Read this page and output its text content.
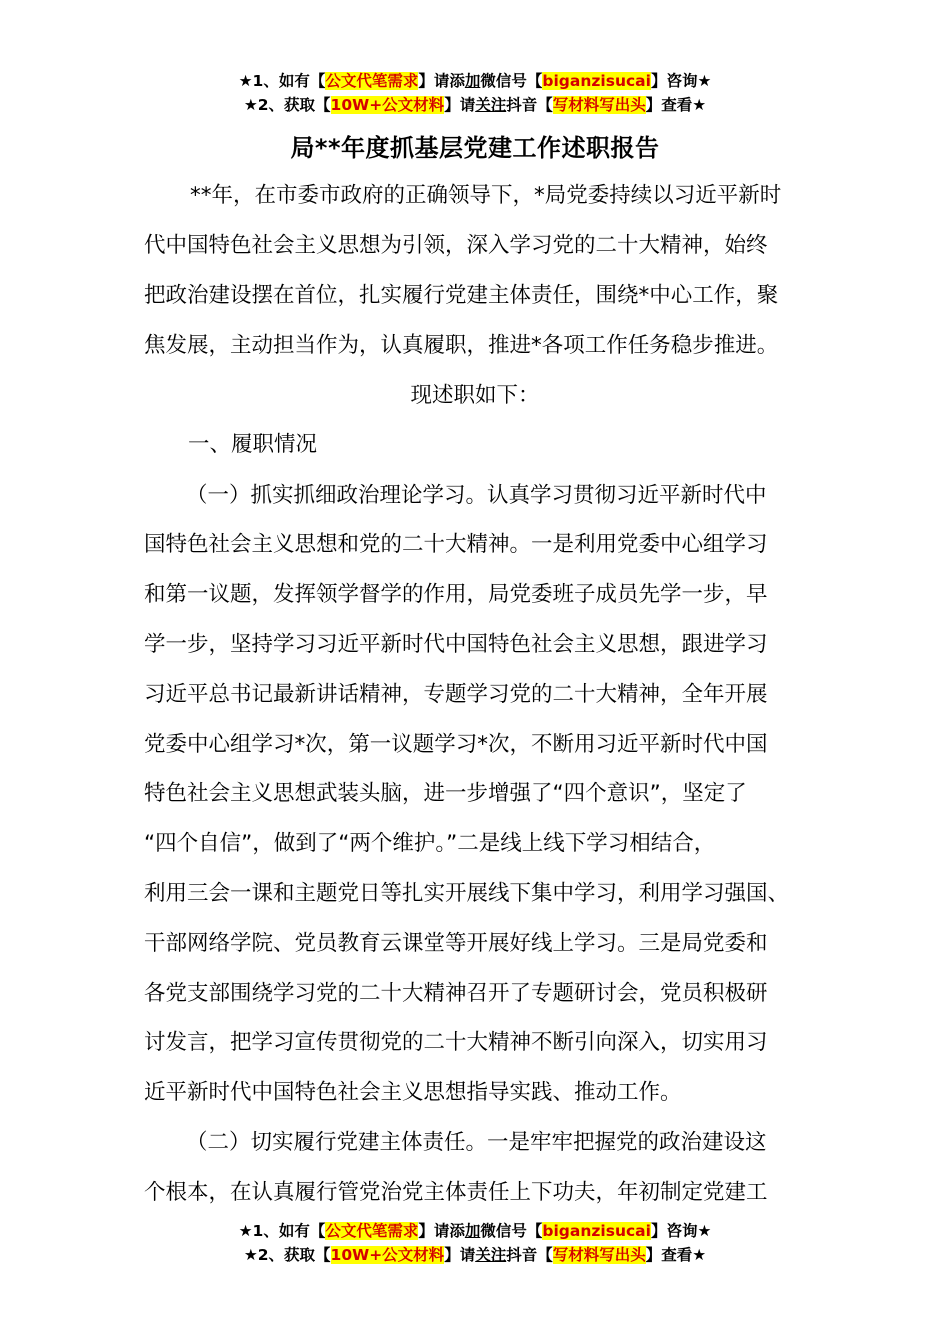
★1、如有【公文代笔需求】请添加微信号【biganzisucai】咨询★
★2、获取【10W+公文材料】请关注抖音【写材料写出头】查看★
局**年度抓基层党建工作述职报告
**年，在市委市政府的正确领导下，*局党委持续以习近平新时
代中国特色社会主义思想为引领，深入学习党的二十大精神，始终
把政治建设摆在首位，扎实履行党建主体责任，围绕*中心工作，聚
焦发展，主动担当作为，认真履职，推进*各项工作任务稳步推进。
现述职如下：
一、履职情况
（一）抓实抓细政治理论学习。认真学习贯彻习近平新时代中
国特色社会主义思想和党的二十大精神。一是利用党委中心组学习
和第一议题，发挥领学督学的作用，局党委班子成员先学一步，早
学一步，坚持学习习近平新时代中国特色社会主义思想，跟进学习
习近平总书记最新讲话精神，专题学习党的二十大精神，全年开展
党委中心组学习*次，第一议题学习*次，不断用习近平新时代中国
特色社会主义思想武装头脑，进一步增强了“四个意识”，坚定了
“四个自信”，做到了“两个维护。”二是线上线下学习相结合，
利用三会一课和主题党日等扎实开展线下集中学习，利用学习强国、
干部网络学院、党员教育云课堂等开展好线上学习。三是局党委和
各党支部围绕学习党的二十大精神召开了专题研讨会，党员积极研
讨发言，把学习宣传贯彻党的二十大精神不断引向深入，切实用习
近平新时代中国特色社会主义思想指导实践、推动工作。
（二）切实履行党建主体责任。一是牢牢把握党的政治建设这
个根本，在认真履行管党治党主体责任上下功夫，年初制定党建工
★1、如有【公文代笔需求】请添加微信号【biganzisucai】咨询★
★2、获取【10W+公文材料】请关注抖音【写材料写出头】查看★
